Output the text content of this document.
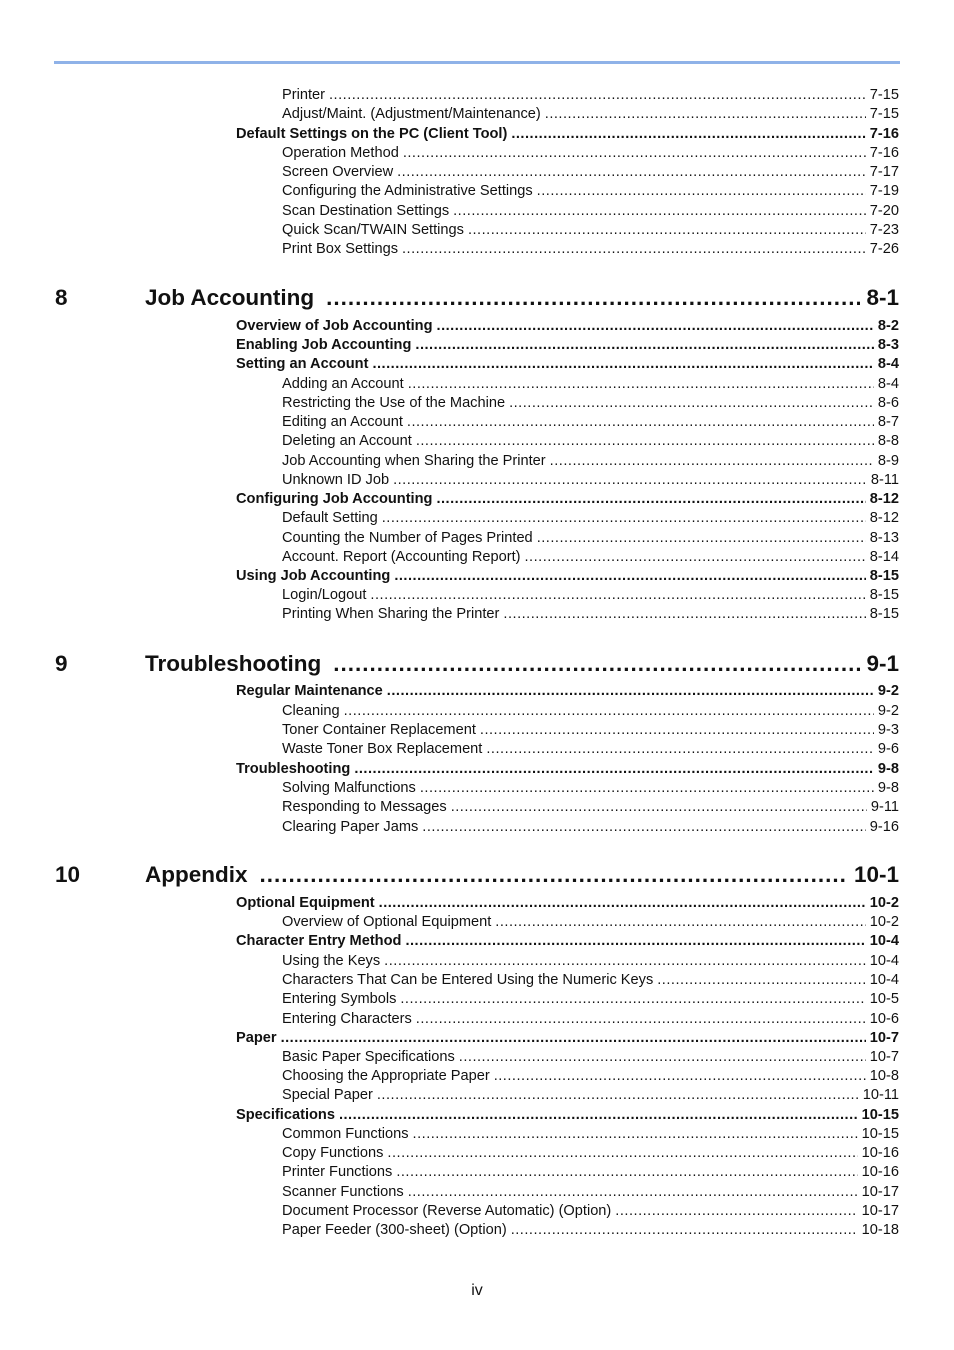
Printer .....	7-15
Adjust/Maint. (Adjustment/Maintenance) .....	7-15
Default Settings on the PC (Client Tool) .....	7-16
Operation Method .....	7-16
Screen Overview .....	7-17
Configuring the Administrative Settings .....	7-19
Scan Destination Settings .....	7-20
Quick Scan/TWAIN Settings .....	7-23
Print Box Settings .....	7-26
8	Job Accounting .....	8-1
Overview of Job Accounting .....	8-2
Enabling Job Accounting .....	8-3
Setting an Account .....	8-4
Adding an Account .....	8-4
Restricting the Use of the Machine .....	8-6
Editing an Account .....	8-7
Deleting an Account .....	8-8
Job Accounting when Sharing the Printer .....	8-9
Unknown ID Job .....	8-11
Configuring Job Accounting .....	8-12
Default Setting .....	8-12
Counting the Number of Pages Printed .....	8-13
Account. Report (Accounting Report) .....	8-14
Using Job Accounting .....	8-15
Login/Logout .....	8-15
Printing When Sharing the Printer .....	8-15
9	Troubleshooting .....	9-1
Regular Maintenance .....	9-2
Cleaning .....	9-2
Toner Container Replacement .....	9-3
Waste Toner Box Replacement .....	9-6
Troubleshooting .....	9-8
Solving Malfunctions .....	9-8
Responding to Messages .....	9-11
Clearing Paper Jams .....	9-16
10	Appendix .....	10-1
Optional Equipment .....	10-2
Overview of Optional Equipment .....	10-2
Character Entry Method .....	10-4
Using the Keys .....	10-4
Characters That Can be Entered Using the Numeric Keys .....	10-4
Entering Symbols .....	10-5
Entering Characters .....	10-6
Paper .....	10-7
Basic Paper Specifications .....	10-7
Choosing the Appropriate Paper .....	10-8
Special Paper .....	10-11
Specifications .....	10-15
Common Functions .....	10-15
Copy Functions .....	10-16
Printer Functions .....	10-16
Scanner Functions .....	10-17
Document Processor (Reverse Automatic) (Option) .....	10-17
Paper Feeder (300-sheet) (Option) .....	10-18
iv
